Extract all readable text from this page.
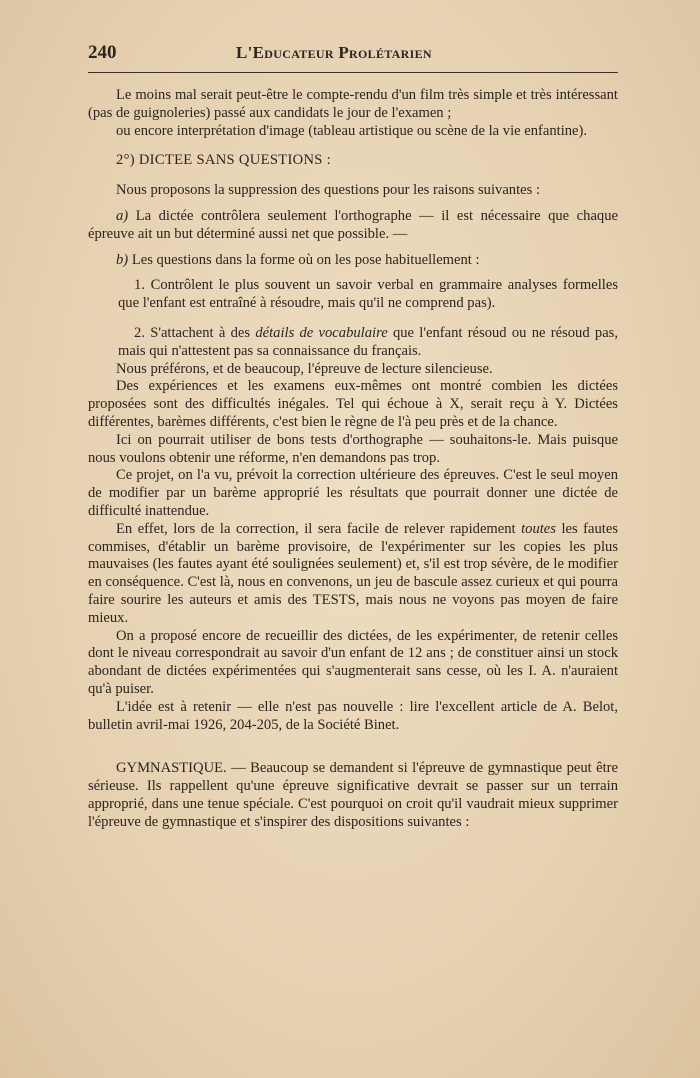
240	L'Educateur Prolétarien

Le moins mal serait peut-être le compte-rendu d'un film très simple et très intéressant (pas de guignoleries) passé aux candidats le jour de l'examen ;

ou encore interprétation d'image (tableau artistique ou scène de la vie enfantine).

2°) DICTEE SANS QUESTIONS :

Nous proposons la suppression des questions pour les raisons suivantes :

a) La dictée contrôlera seulement l'orthographe — il est nécessaire que chaque épreuve ait un but déterminé aussi net que possible. —

b) Les questions dans la forme où on les pose habituellement :

1. Contrôlent le plus souvent un savoir verbal en grammaire analyses formelles que l'enfant est entraîné à résoudre, mais qu'il ne comprend pas).

2. S'attachent à des détails de vocabulaire que l'enfant résoud ou ne résoud pas, mais qui n'attestent pas sa connaissance du français.

Nous préférons, et de beaucoup, l'épreuve de lecture silencieuse.

Des expériences et les examens eux-mêmes ont montré combien les dictées proposées sont des difficultés inégales. Tel qui échoue à X, serait reçu à Y. Dictées différentes, barèmes différents, c'est bien le règne de l'à peu près et de la chance.

Ici on pourrait utiliser de bons tests d'orthographe — souhaitons-le. Mais puisque nous voulons obtenir une réforme, n'en demandons pas trop.

Ce projet, on l'a vu, prévoit la correction ultérieure des épreuves. C'est le seul moyen de modifier par un barème approprié les résultats que pourrait donner une dictée de difficulté inattendue.

En effet, lors de la correction, il sera facile de relever rapidement toutes les fautes commises, d'établir un barème provisoire, de l'expérimenter sur les copies les plus mauvaises (les fautes ayant été soulignées seulement) et, s'il est trop sévère, de le modifier en conséquence. C'est là, nous en convenons, un jeu de bascule assez curieux et qui pourra faire sourire les auteurs et amis des TESTS, mais nous ne voyons pas moyen de faire mieux.

On a proposé encore de recueillir des dictées, de les expérimenter, de retenir celles dont le niveau correspondrait au savoir d'un enfant de 12 ans ; de constituer ainsi un stock abondant de dictées expérimentées qui s'augmenterait sans cesse, où les I. A. n'auraient qu'à puiser.

L'idée est à retenir — elle n'est pas nouvelle : lire l'excellent article de A. Belot, bulletin avril-mai 1926, 204-205, de la Société Binet.

GYMNASTIQUE. — Beaucoup se demandent si l'épreuve de gymnastique peut être sérieuse. Ils rappellent qu'une épreuve significative devrait se passer sur un terrain approprié, dans une tenue spéciale. C'est pourquoi on croit qu'il vaudrait mieux supprimer l'épreuve de gymnastique et s'inspirer des dispositions suivantes :
